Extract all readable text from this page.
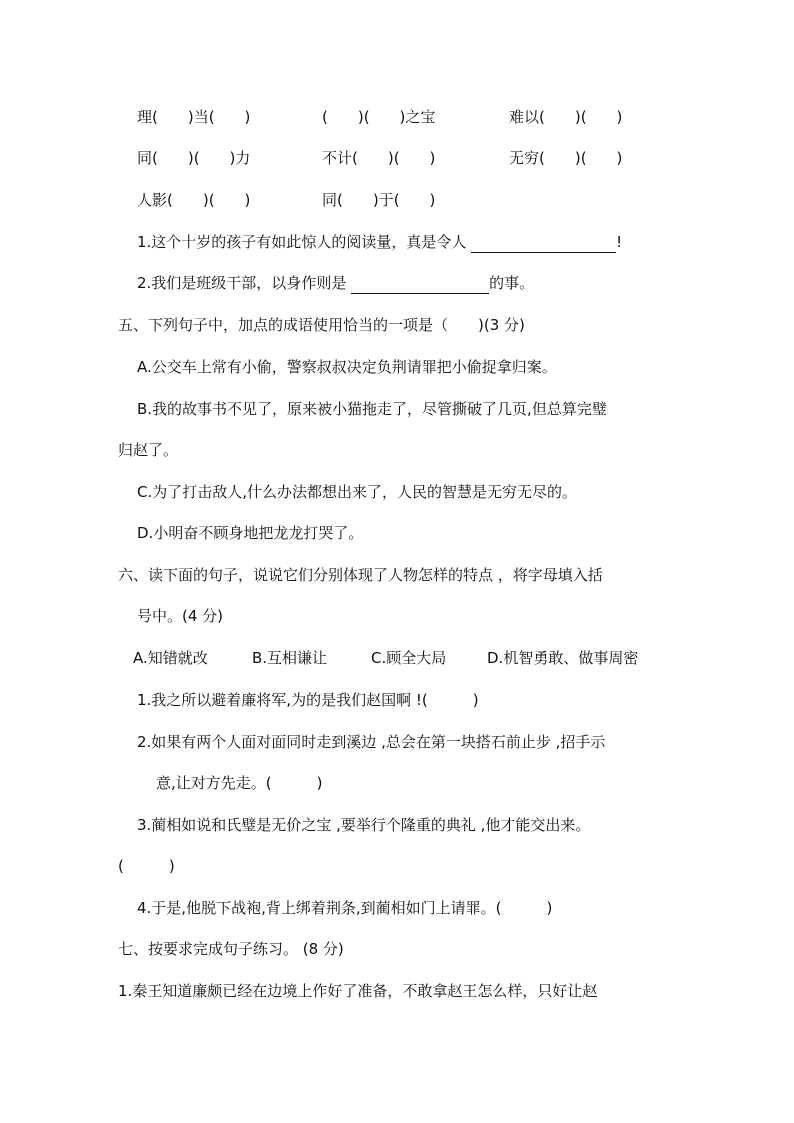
理(　　)当(　　)	(　　)(　　)之宝	难以(　　)(　　)
同(　　)(　　)力	不计(　　)(　　)	无穷(　　)(　　)
人影(　　)(　　)	同(　　)于(　　)
1.这个十岁的孩子有如此惊人的阅读量，真是令人	!
2.我们是班级干部，以身作则是	的事。
五、下列句子中，加点的成语使用恰当的一项是（　　)(3 分)
A.公交车上常有小偷，警察叔叔决定负荆请罪把小偷捉拿归案。
B.我的故事书不见了，原来被小猫拖走了，尽管撕破了几页,但总算完璧
归赵了。
C.为了打击敌人,什么办法都想出来了，人民的智慧是无穷无尽的。
D.小明奋不顾身地把龙龙打哭了。
六、读下面的句子，说说它们分别体现了人物怎样的特点 ，将字母填入括
号中。(4 分)
A.知错就改	B.互相谦让	C.顾全大局	D.机智勇敢、做事周密
1.我之所以避着廉将军,为的是我们赵国啊 !(　　　)
2.如果有两个人面对面同时走到溪边 ,总会在第一块搭石前止步 ,招手示
意,让对方先走。(　　　)
3.蔺相如说和氏璧是无价之宝 ,要举行个隆重的典礼 ,他才能交出来。
(　　　)
4.于是,他脱下战袍,背上绑着荆条,到蔺相如门上请罪。(　　　)
七、按要求完成句子练习。 (8 分)
1.秦王知道廉颇已经在边境上作好了准备，不敢拿赵王怎么样，只好让赵
